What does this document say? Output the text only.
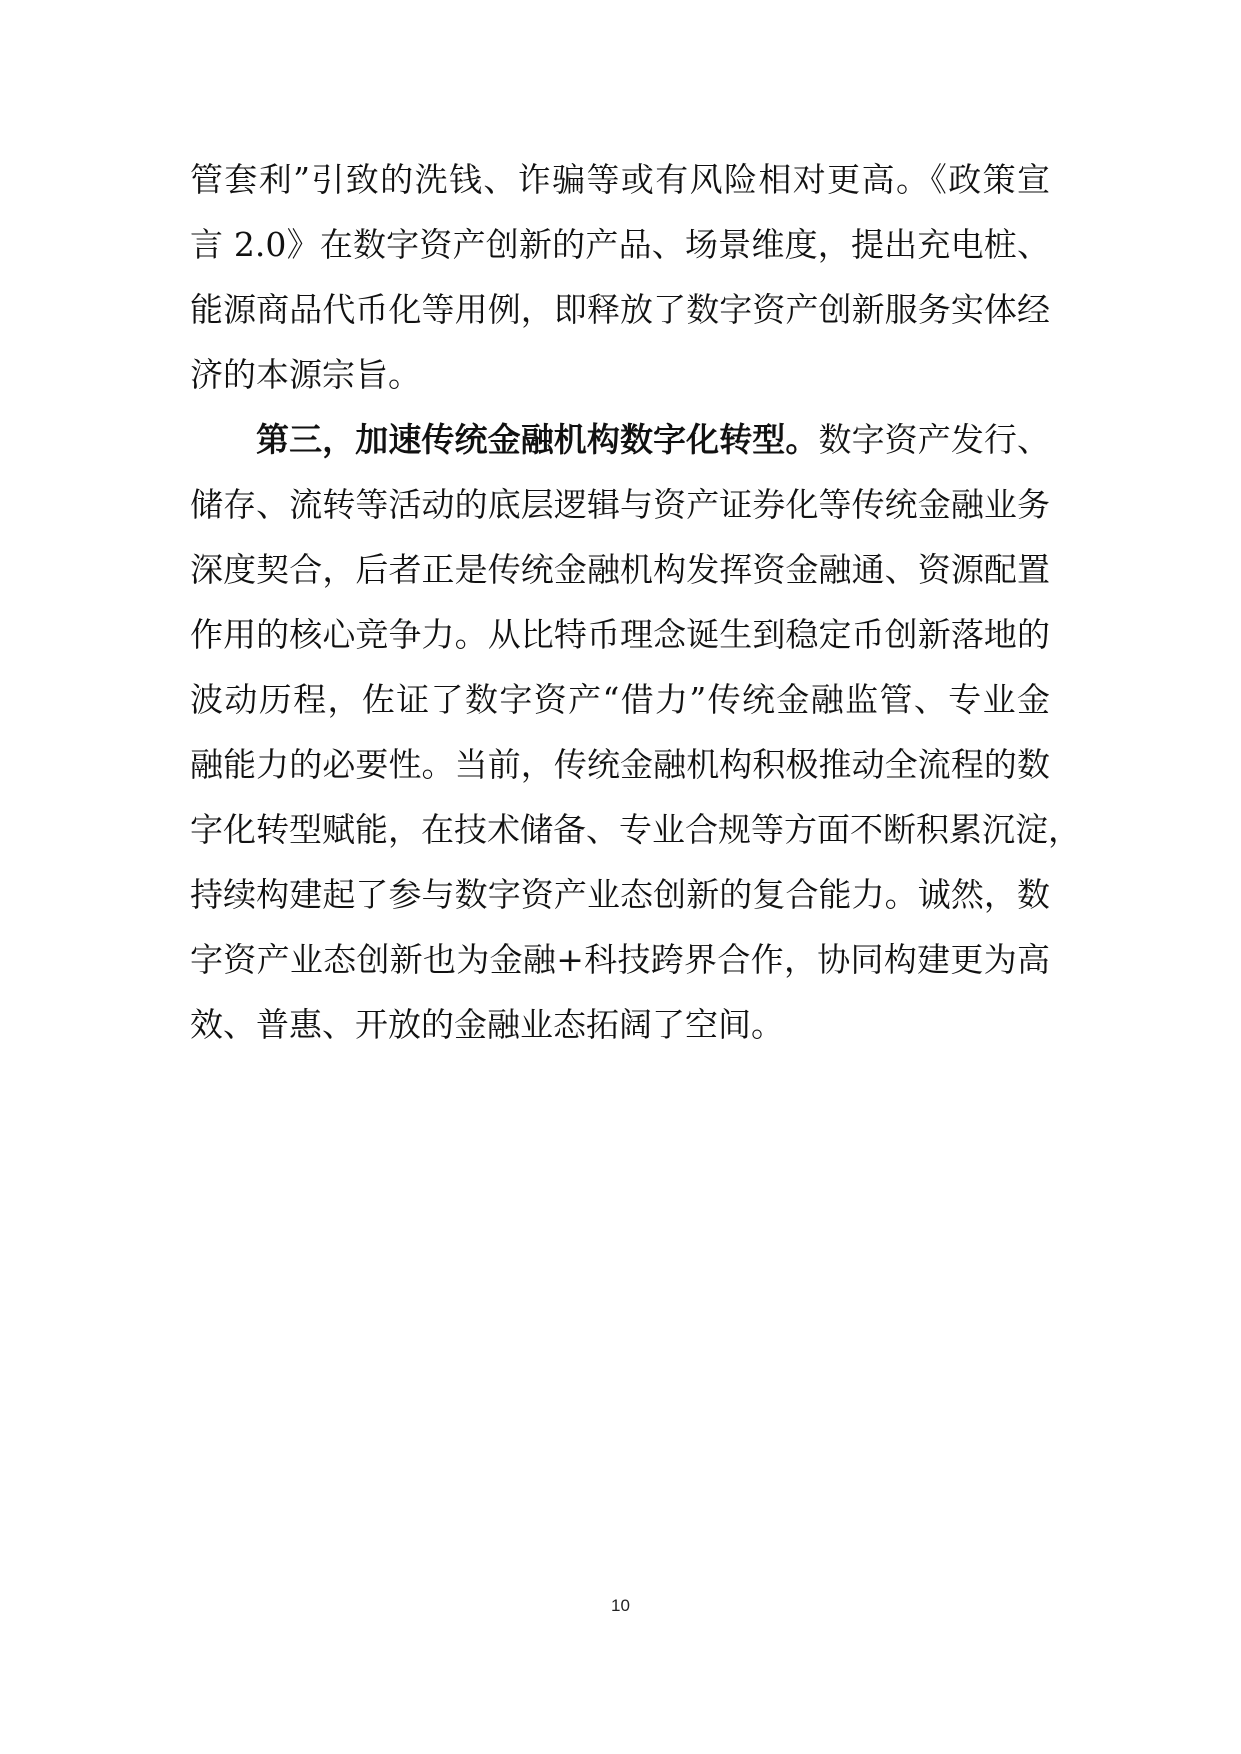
管套利”引致的洗钱、诈骗等或有风险相对更高。《政策宣
言 2.0》在数字资产创新的产品、场景维度，提出充电桩、
能源商品代币化等用例，即释放了数字资产创新服务实体经
济的本源宗旨。
第三，加速传统金融机构数字化转型。数字资产发行、
储存、流转等活动的底层逻辑与资产证券化等传统金融业务
深度契合，后者正是传统金融机构发挥资金融通、资源配置
作用的核心竞争力。从比特币理念诞生到稳定币创新落地的
波动历程，佐证了数字资产“借力”传统金融监管、专业金
融能力的必要性。当前，传统金融机构积极推动全流程的数
字化转型赋能，在技术储备、专业合规等方面不断积累沉淀，
持续构建起了参与数字资产业态创新的复合能力。诚然，数
字资产业态创新也为金融+科技跨界合作，协同构建更为高
效、普惠、开放的金融业态拓阔了空间。
10
